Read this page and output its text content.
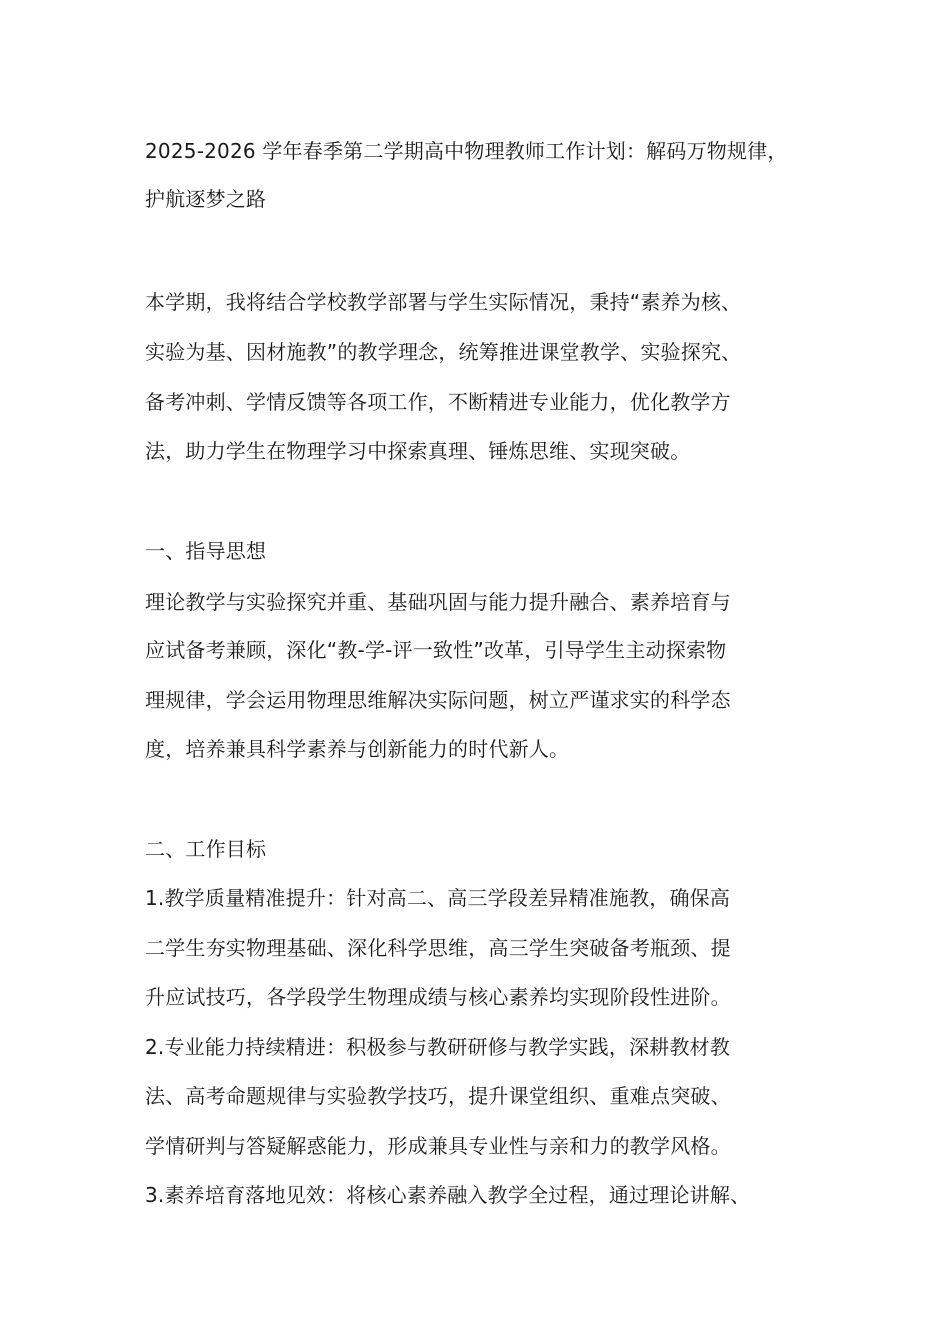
2025-2026 学年春季第二学期高中物理教师工作计划：解码万物规律，
护航逐梦之路
本学期，我将结合学校教学部署与学生实际情况，秉持“素养为核、
实验为基、因材施教”的教学理念，统筹推进课堂教学、实验探究、
备考冲刺、学情反馈等各项工作，不断精进专业能力，优化教学方
法，助力学生在物理学习中探索真理、锤炼思维、实现突破。
一、指导思想
理论教学与实验探究并重、基础巩固与能力提升融合、素养培育与
应试备考兼顾，深化“教-学-评一致性”改革，引导学生主动探索物
理规律，学会运用物理思维解决实际问题，树立严谨求实的科学态
度，培养兼具科学素养与创新能力的时代新人。
二、工作目标
1.教学质量精准提升：针对高二、高三学段差异精准施教，确保高
二学生夯实物理基础、深化科学思维，高三学生突破备考瓶颈、提
升应试技巧，各学段学生物理成绩与核心素养均实现阶段性进阶。
2.专业能力持续精进：积极参与教研研修与教学实践，深耕教材教
法、高考命题规律与实验教学技巧，提升课堂组织、重难点突破、
学情研判与答疑解惑能力，形成兼具专业性与亲和力的教学风格。
3.素养培育落地见效：将核心素养融入教学全过程，通过理论讲解、
